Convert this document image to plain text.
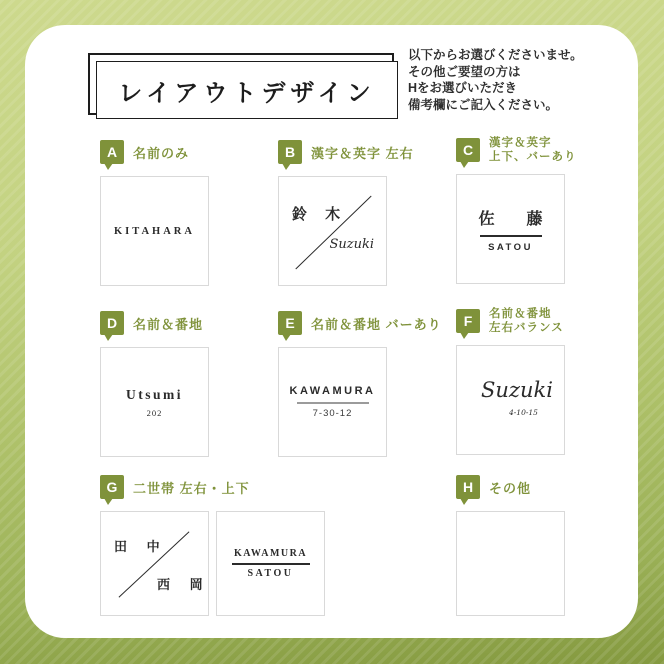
レイアウトデザイン
以下からお選びくださいませ。
その他ご要望の方は
Hをお選びいただき
備考欄にご記入ください。
A	名前のみ
KITAHARA
B	漢字＆英字 左右
鈴 木
Suzuki
C	漢字＆英字
上下、バーあり
佐 藤
SATOU
D	名前＆番地
Utsumi
202
E	名前＆番地 バーあり
KAWAMURA
7-30-12
F	名前＆番地
左右バランス
Suzuki
4-10-15
G	二世帯 左右・上下
田 中
西 岡
KAWAMURA
SATOU
H	その他
